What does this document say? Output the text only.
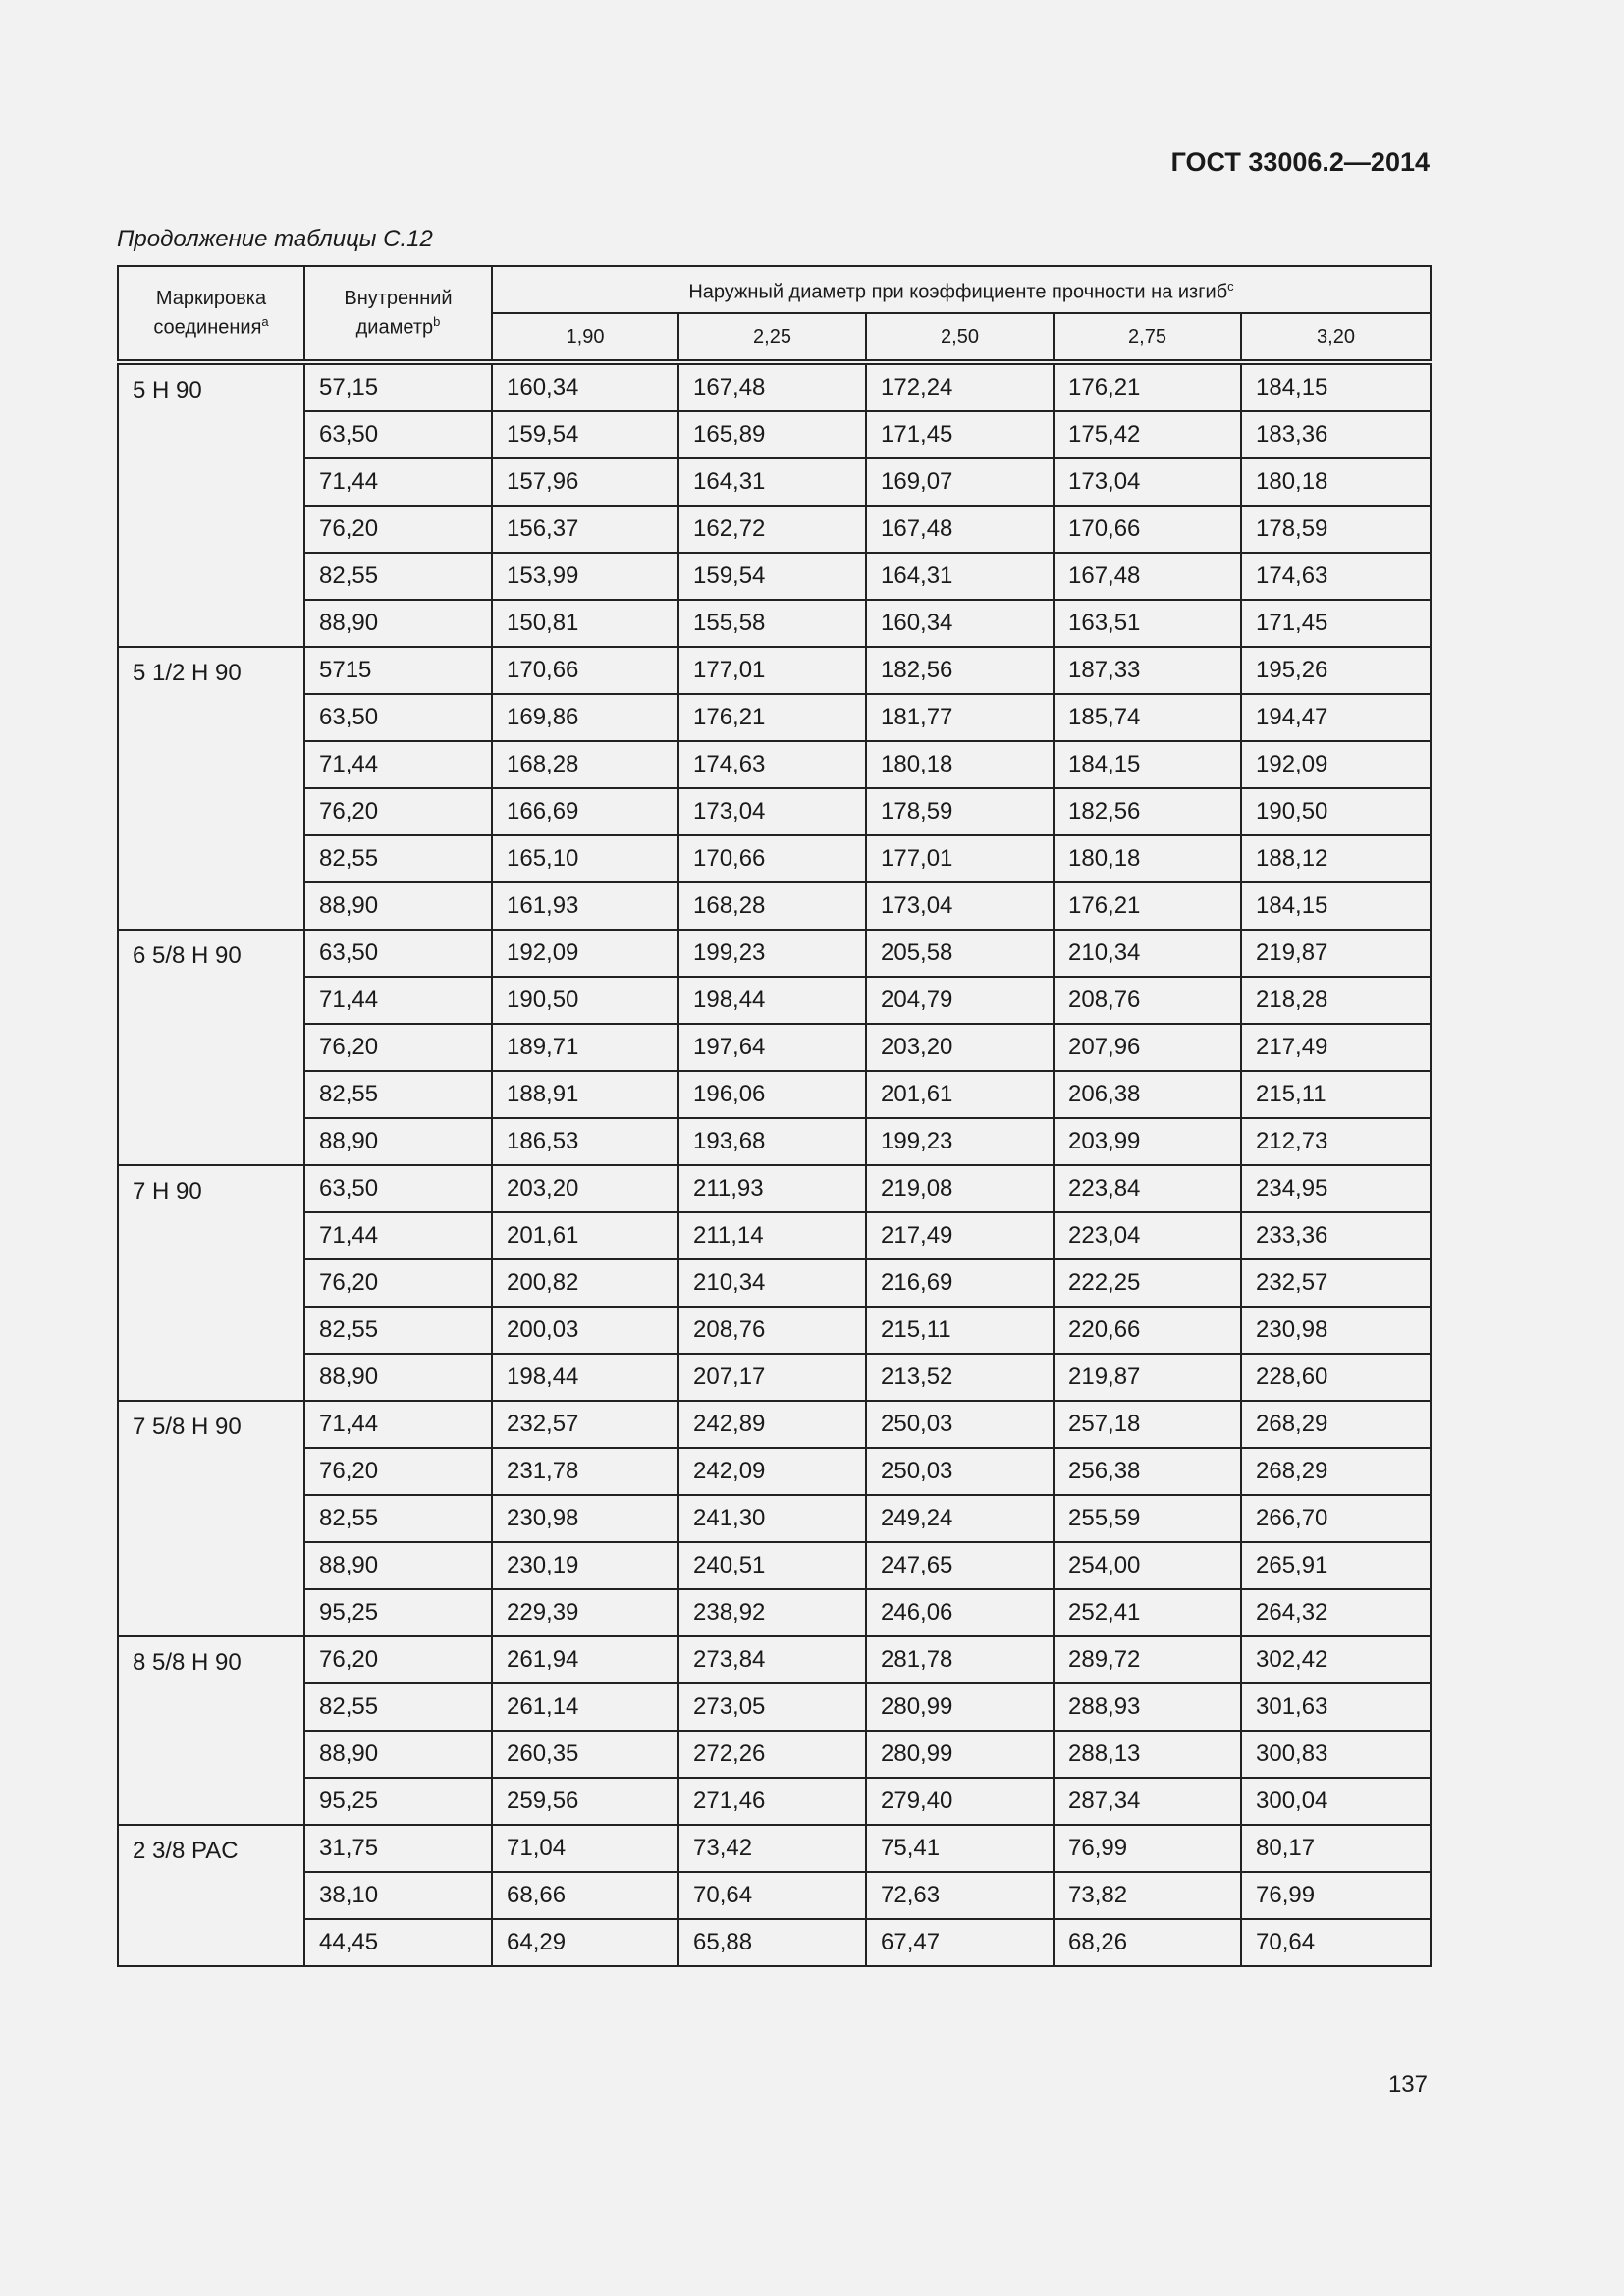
ГОСТ 33006.2—2014
Продолжение таблицы С.12
Маркировка соединения$^a$	Внутренний диаметр$^b$	Наружный диаметр при коэффициенте прочности на изгиб$^c$
		1,90	2,25	2,50	2,75	3,20
5 H 90	57,15	160,34	167,48	172,24	176,21	184,15
	63,50	159,54	165,89	171,45	175,42	183,36
	71,44	157,96	164,31	169,07	173,04	180,18
	76,20	156,37	162,72	167,48	170,66	178,59
	82,55	153,99	159,54	164,31	167,48	174,63
	88,90	150,81	155,58	160,34	163,51	171,45
5 1/2 H 90	5715	170,66	177,01	182,56	187,33	195,26
	63,50	169,86	176,21	181,77	185,74	194,47
	71,44	168,28	174,63	180,18	184,15	192,09
	76,20	166,69	173,04	178,59	182,56	190,50
	82,55	165,10	170,66	177,01	180,18	188,12
	88,90	161,93	168,28	173,04	176,21	184,15
6 5/8 H 90	63,50	192,09	199,23	205,58	210,34	219,87
	71,44	190,50	198,44	204,79	208,76	218,28
	76,20	189,71	197,64	203,20	207,96	217,49
	82,55	188,91	196,06	201,61	206,38	215,11
	88,90	186,53	193,68	199,23	203,99	212,73
7 H 90	63,50	203,20	211,93	219,08	223,84	234,95
	71,44	201,61	211,14	217,49	223,04	233,36
	76,20	200,82	210,34	216,69	222,25	232,57
	82,55	200,03	208,76	215,11	220,66	230,98
	88,90	198,44	207,17	213,52	219,87	228,60
7 5/8 H 90	71,44	232,57	242,89	250,03	257,18	268,29
	76,20	231,78	242,09	250,03	256,38	268,29
	82,55	230,98	241,30	249,24	255,59	266,70
	88,90	230,19	240,51	247,65	254,00	265,91
	95,25	229,39	238,92	246,06	252,41	264,32
8 5/8 H 90	76,20	261,94	273,84	281,78	289,72	302,42
	82,55	261,14	273,05	280,99	288,93	301,63
	88,90	260,35	272,26	280,99	288,13	300,83
	95,25	259,56	271,46	279,40	287,34	300,04
2 3/8 PAC	31,75	71,04	73,42	75,41	76,99	80,17
	38,10	68,66	70,64	72,63	73,82	76,99
	44,45	64,29	65,88	67,47	68,26	70,64
137
